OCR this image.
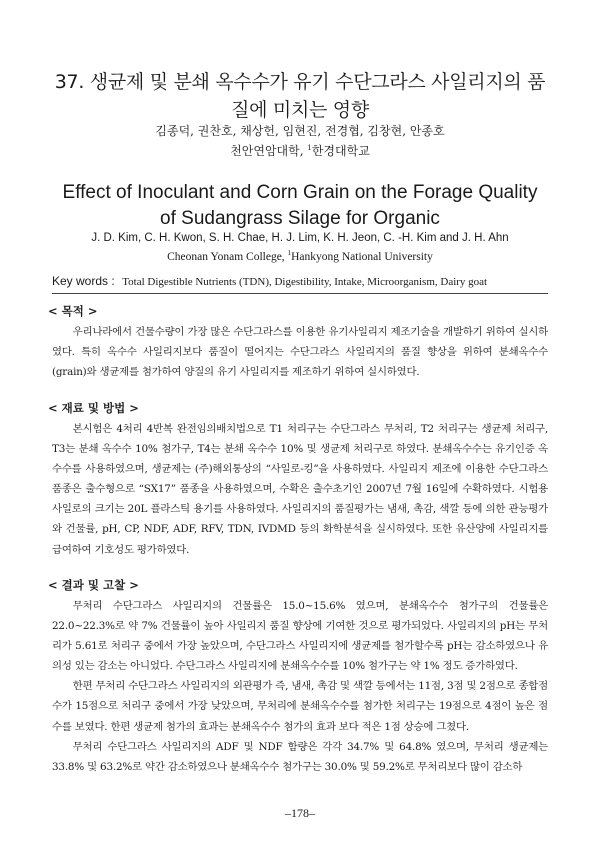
37. 생균제 및 분쇄 옥수수가 유기 수단그라스 사일리지의 품질에 미치는 영향
김종덕, 권찬호, 채상헌, 임현진, 전경협, 김창현, 안종호
천안연암대학, $^1$한경대학교
Effect of Inoculant and Corn Grain on the Forage Quality of Sudangrass Silage for Organic
J. D. Kim, C. H. Kwon, S. H. Chae, H. J. Lim, K. H. Jeon, C. -H. Kim and J. H. Ahn
Cheonan Yonam College, $^1$Hankyong National University
Key words : Total Digestible Nutrients (TDN), Digestibility, Intake, Microorganism, Dairy goat
< 목적 >

우리나라에서 건물수량이 가장 많은 수단그라스를 이용한 유기사일리지 제조기술을 개발하기 위하여 실시하였다. 특히 옥수수 사일리지보다 품질이 떨어지는 수단그라스 사일리지의 품질 향상을 위하여 분쇄옥수수 (grain)와 생균제를 첨가하여 양질의 유기 사일리지를 제조하기 위하여 실시하였다.

< 재료 및 방법 >

본시험은 4처리 4반복 완전임의배치법으로 T1 처리구는 수단그라스 무처리, T2 처리구는 생균제 처리구, T3는 분쇄 옥수수 10% 첨가구, T4는 분쇄 옥수수 10% 및 생균제 처리구로 하였다. 분쇄옥수수는 유기인증 옥수수를 사용하였으며, 생균제는 (주)해외통상의 “사일로-킹”을 사용하였다. 사일리지 제조에 이용한 수단그라스 품종은 출수형으로 “SX17” 품종을 사용하였으며, 수확은 출수초기인 2007년 7월 16일에 수확하였다. 시험용 사일로의 크기는 20L 플라스틱 용기를 사용하였다. 사일리지의 품질평가는 냄새, 촉감, 색깔 등에 의한 관능평가와 건물률, pH, CP, NDF, ADF, RFV, TDN, IVDMD 등의 화학분석을 실시하였다. 또한 유산양에 사일리지를 급여하여 기호성도 평가하였다.

< 결과 및 고찰 >

무처리 수단그라스 사일리지의 건물률은 15.0~15.6% 였으며, 분쇄옥수수 첨가구의 건물률은 22.0~22.3%로 약 7% 건물률이 높아 사일리지 품질 향상에 기여한 것으로 평가되었다. 사일리지의 pH는 무처리가 5.61로 처리구 중에서 가장 높았으며, 수단그라스 사일리지에 생균제를 첨가할수록 pH는 감소하였으나 유의성 있는 감소는 아니었다. 수단그라스 사일리지에 분쇄옥수수를 10% 첨가구는 약 1% 정도 증가하였다.

한편 무처리 수단그라스 사일리지의 외관평가 즉, 냄새, 촉감 및 색깔 등에서는 11점, 3점 및 2점으로 종합점수가 15점으로 처리구 중에서 가장 낮았으며, 무처리에 분쇄옥수수를 첨가한 처리구는 19점으로 4점이 높은 점수를 보였다. 한편 생균제 첨가의 효과는 분쇄옥수수 첨가의 효과 보다 적은 1점 상승에 그쳤다.

무처리 수단그라스 사일리지의 ADF 및 NDF 함량은 각각 34.7% 및 64.8% 였으며, 무처리 생균제는 33.8% 및 63.2%로 약간 감소하였으나 분쇄옥수수 첨가구는 30.0% 및 59.2%로 무처리보다 많이 감소하

–178–
